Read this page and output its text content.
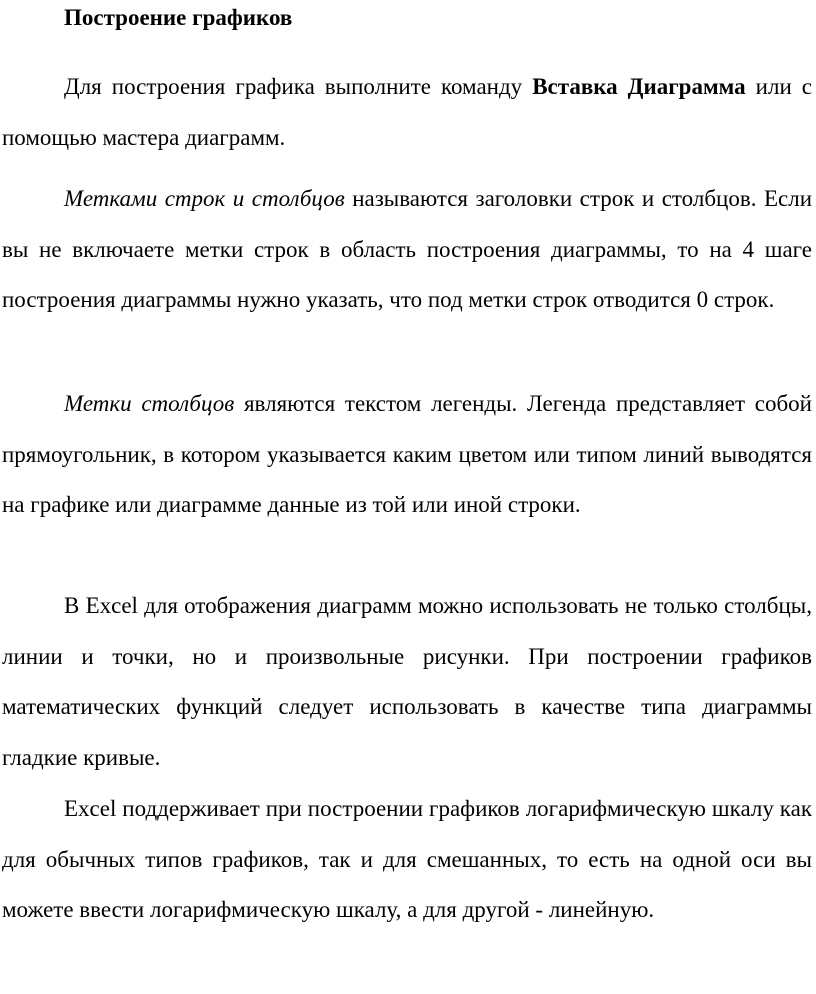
Построение графиков

Для построения графика выполните команду Вставка Диаграмма или с помощью мастера диаграмм.

Метками строк и столбцов называются заголовки строк и столбцов. Если вы не включаете метки строк в область построения диаграммы, то на 4 шаге построения диаграммы нужно указать, что под метки строк отводится 0 строк.

Метки столбцов являются текстом легенды. Легенда представляет собой прямоугольник, в котором указывается каким цветом или типом линий выводятся на графике или диаграмме данные из той или иной строки.

В Excel для отображения диаграмм можно использовать не только столбцы, линии и точки, но и произвольные рисунки. При построении графиков математических функций следует использовать в качестве типа диаграммы гладкие кривые.

Excel поддерживает при построении графиков логарифмическую шкалу как для обычных типов графиков, так и для смешанных, то есть на одной оси вы можете ввести логарифмическую шкалу, а для другой - линейную.
